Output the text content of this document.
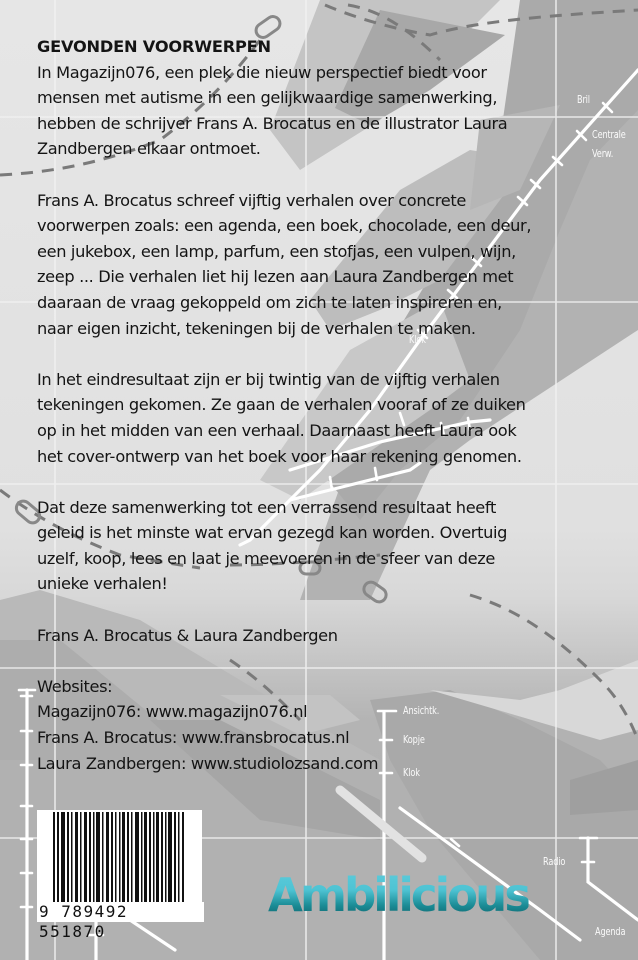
Bril
Centrale
Verw.
Klok
Ansichtk.
Kopje
Klok
Radio
Agenda
GEVONDEN VOORWERPEN
In Magazijn076, een plek die nieuw perspectief biedt voor
mensen met autisme in een gelijkwaardige samenwerking,
hebben de schrijver Frans A. Brocatus en de illustrator Laura
Zandbergen elkaar ontmoet.
Frans A. Brocatus schreef vijftig verhalen over concrete
voorwerpen zoals: een agenda, een boek, chocolade, een deur,
een jukebox, een lamp, parfum, een stofjas, een vulpen, wijn,
zeep ... Die verhalen liet hij lezen aan Laura Zandbergen met
daaraan de vraag gekoppeld om zich te laten inspireren en,
naar eigen inzicht, tekeningen bij de verhalen te maken.
In het eindresultaat zijn er bij twintig van de vijftig verhalen
tekeningen gekomen. Ze gaan de verhalen vooraf of ze duiken
op in het midden van een verhaal. Daarnaast heeft Laura ook
het cover-ontwerp van het boek voor haar rekening genomen.
Dat deze samenwerking tot een verrassend resultaat heeft
geleid is het minste wat ervan gezegd kan worden. Overtuig
uzelf, koop, lees en laat je meevoeren in de sfeer van deze
unieke verhalen!
Frans A. Brocatus & Laura Zandbergen
Websites:
Magazijn076: www.magazijn076.nl
Frans A. Brocatus: www.fransbrocatus.nl
Laura Zandbergen: www.studiolozsand.com
9 789492 551870
Ambilicious
